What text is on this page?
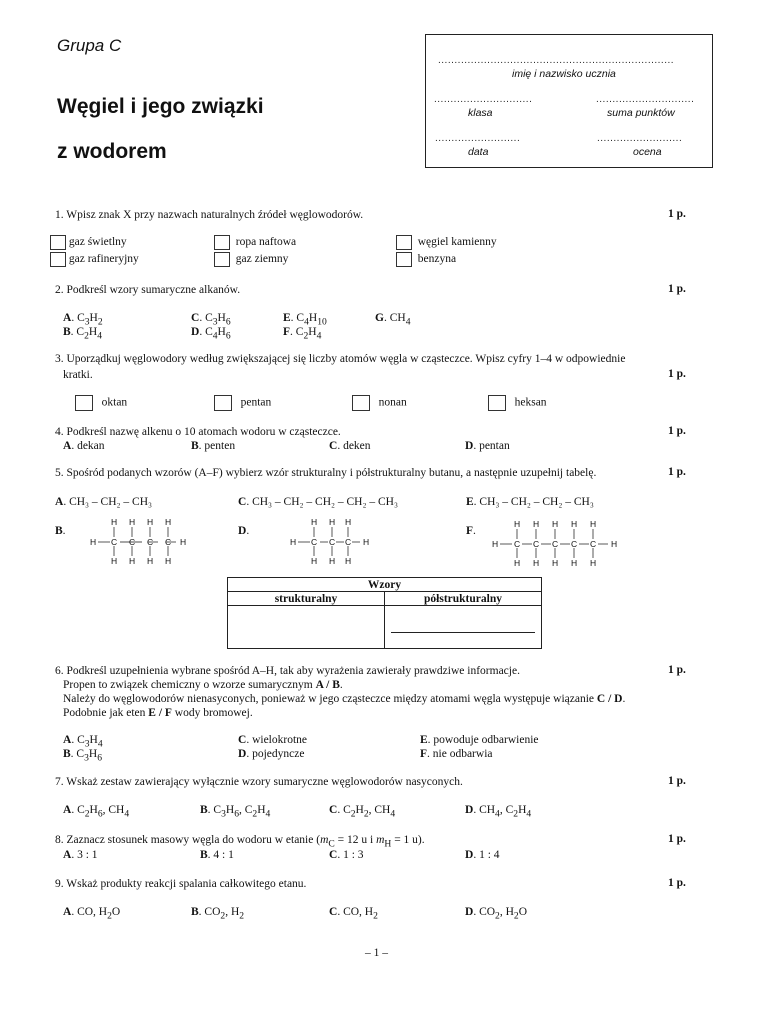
Grupa C
Węgiel i jego związki
z wodorem
........................................................................
imię i nazwisko ucznia
..............................
klasa
..............................
suma punktów
..........................
data
..........................
ocena
1. Wpisz znak X przy nazwach naturalnych źródeł węglowodorów.	1 p.
gaz świetlny	ropa naftowa	węgiel kamienny
gaz rafineryjny	gaz ziemny	benzyna
2. Podkreśl wzory sumaryczne alkanów.	1 p.
A. $C_3H_2$
B. $C_2H_4$
C. $C_3H_6$
D. $C_4H_6$
E. $C_4H_{10}$
F. $C_2H_4$
G. $CH_4$
3. Uporządkuj węglowodory według zwiększającej się liczby atomów węgla w cząsteczce. Wpisz cyfry 1–4 w odpowiednie
kratki.	1 p.
oktan	pentan	nonan	heksan
4. Podkreśl nazwę alkenu o 10 atomach wodoru w cząsteczce.	1 p.
A. dekan	B. penten	C. deken	D. pentan
5. Spośród podanych wzorów (A–F) wybierz wzór strukturalny i półstrukturalny butanu, a następnie uzupełnij tabelę.	1 p.
A. CH₃ – CH₂ – CH₃	C. CH₃ – CH₂ – CH₂ – CH₂ – CH₃	E. CH₃ – CH₂ – CH₂ – CH₃
B.	D.	F.
H C C C C H
H H H H
H H H H
H C C C H
H H H
H H H
H C C C C C H
H H H H H
H H H H H
Wzory	
strukturalny	półstrukturalny

6. Podkreśl uzupełnienia wybrane spośród A–H, tak aby wyrażenia zawierały prawdziwe informacje.	1 p.
Propen to związek chemiczny o wzorze sumarycznym A / B.
Należy do węglowodorów nienasyconych, ponieważ w jego cząsteczce między atomami węgla występuje wiązanie C / D.
Podobnie jak eten E / F wody bromowej.
A. $C_3H_4$
B. $C_3H_6$
C. wielokrotne
D. pojedyncze
E. powoduje odbarwienie
F. nie odbarwia
7. Wskaż zestaw zawierający wyłącznie wzory sumaryczne węglowodorów nasyconych.	1 p.
A. $C_2H_6$, $CH_4$	B. $C_3H_6$, $C_2H_4$	C. $C_2H_2$, $CH_4$	D. $CH_4$, $C_2H_4$
8. Zaznacz stosunek masowy węgla do wodoru w etanie ($m_C = 12$ u i $m_H = 1$ u).	1 p.
A. 3 : 1	B. 4 : 1	C. 1 : 3	D. 1 : 4
9. Wskaż produkty reakcji spalania całkowitego etanu.	1 p.
A. CO, $H_2O$	B. $CO_2$, $H_2$	C. CO, $H_2$	D. $CO_2$, $H_2O$
– 1 –
